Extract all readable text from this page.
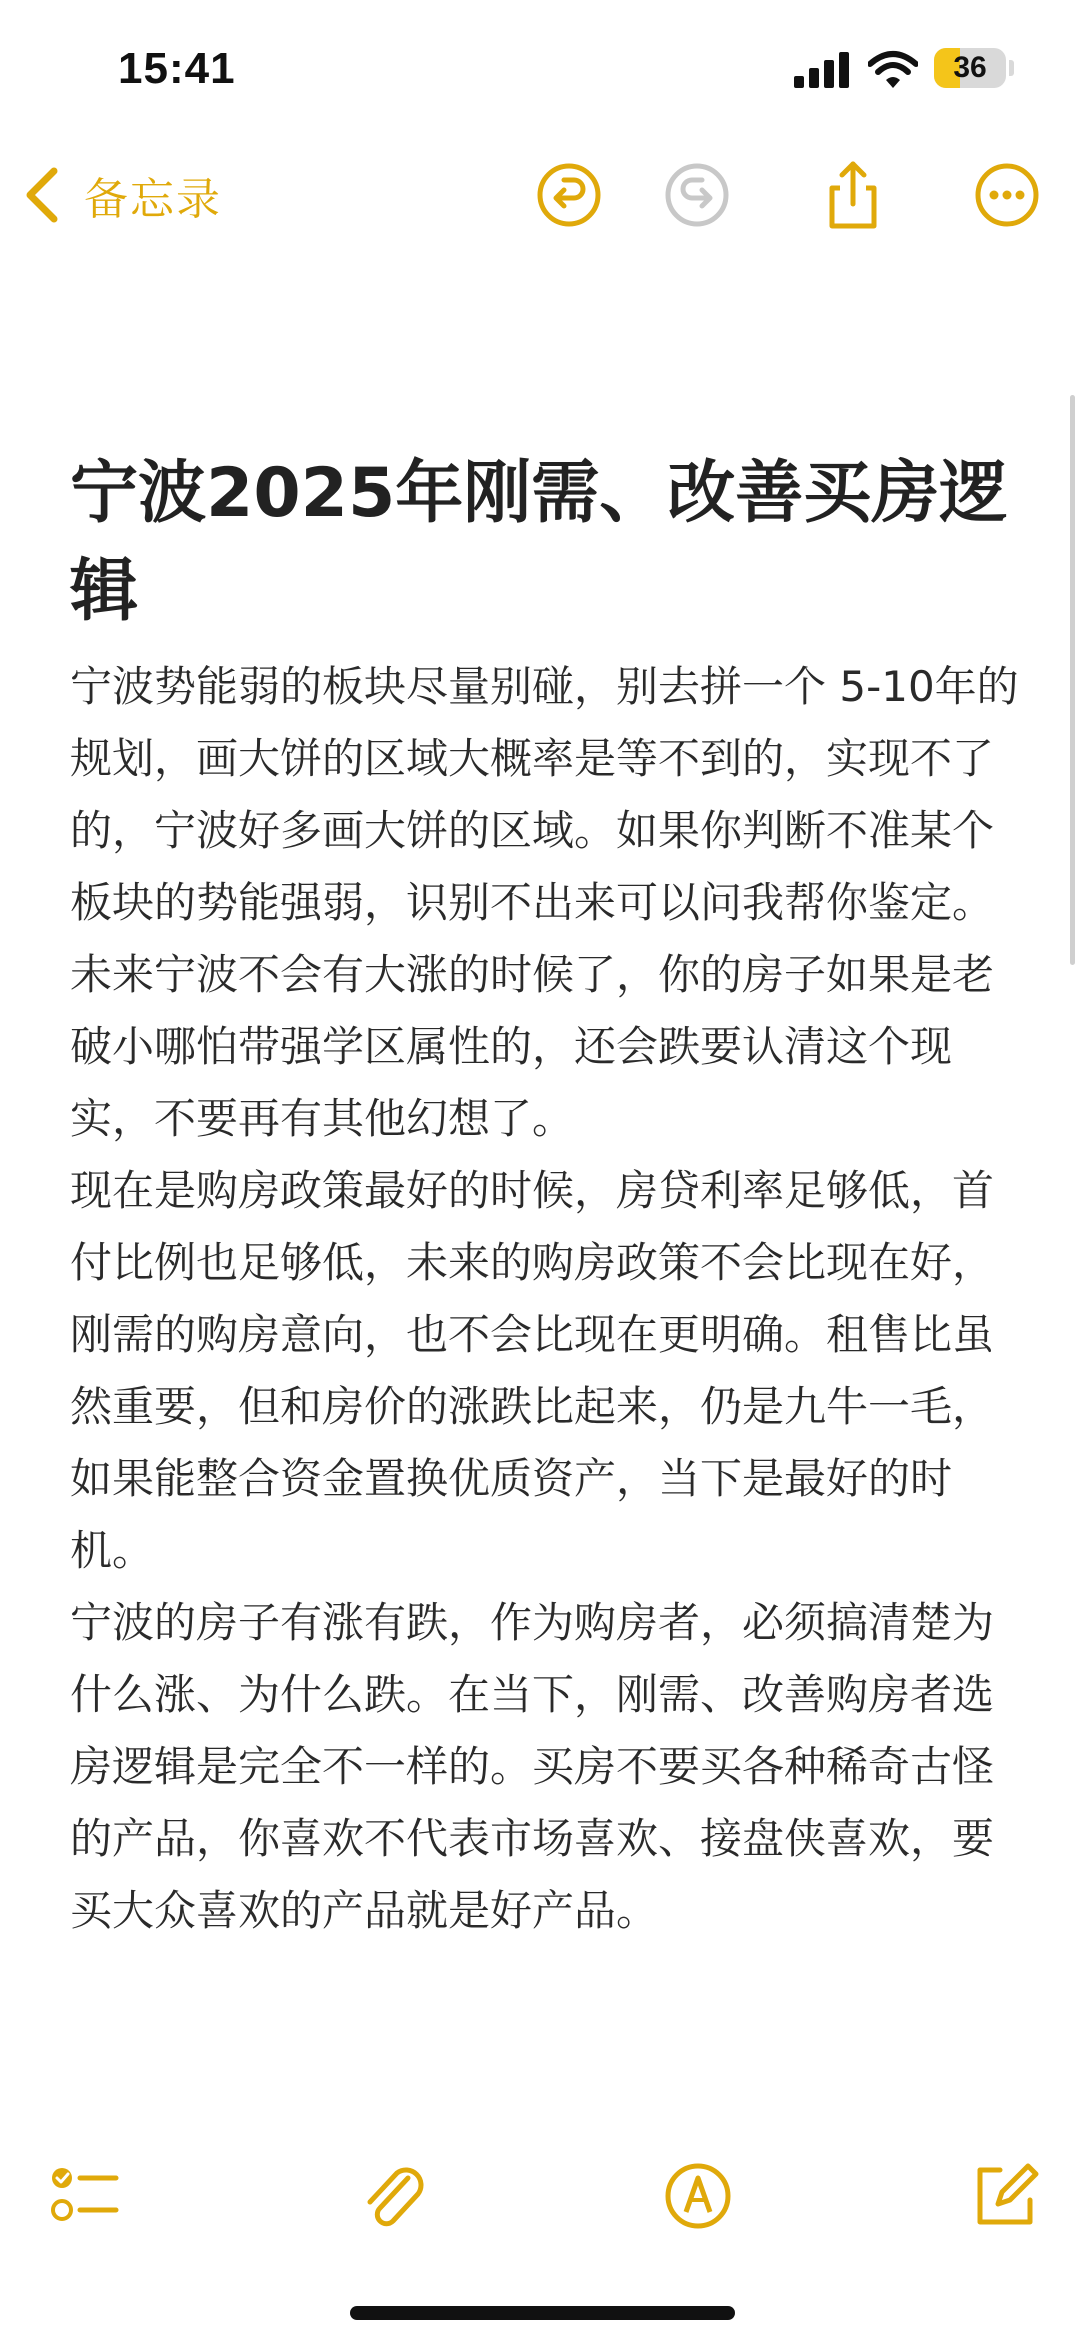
15:41	36
备忘录
宁波2025年刚需、改善买房逻辑

宁波势能弱的板块尽量别碰，别去拼一个 5-10年的规划，画大饼的区域大概率是等不到的，实现不了的，宁波好多画大饼的区域。如果你判断不准某个板块的势能强弱，识别不出来可以问我帮你鉴定。

未来宁波不会有大涨的时候了，你的房子如果是老破小哪怕带强学区属性的，还会跌要认清这个现实，不要再有其他幻想了。

现在是购房政策最好的时候，房贷利率足够低，首付比例也足够低，未来的购房政策不会比现在好，刚需的购房意向，也不会比现在更明确。租售比虽然重要，但和房价的涨跌比起来，仍是九牛一毛，如果能整合资金置换优质资产，当下是最好的时机。

宁波的房子有涨有跌，作为购房者，必须搞清楚为什么涨、为什么跌。在当下，刚需、改善购房者选房逻辑是完全不一样的。买房不要买各种稀奇古怪的产品，你喜欢不代表市场喜欢、接盘侠喜欢，要买大众喜欢的产品就是好产品。
